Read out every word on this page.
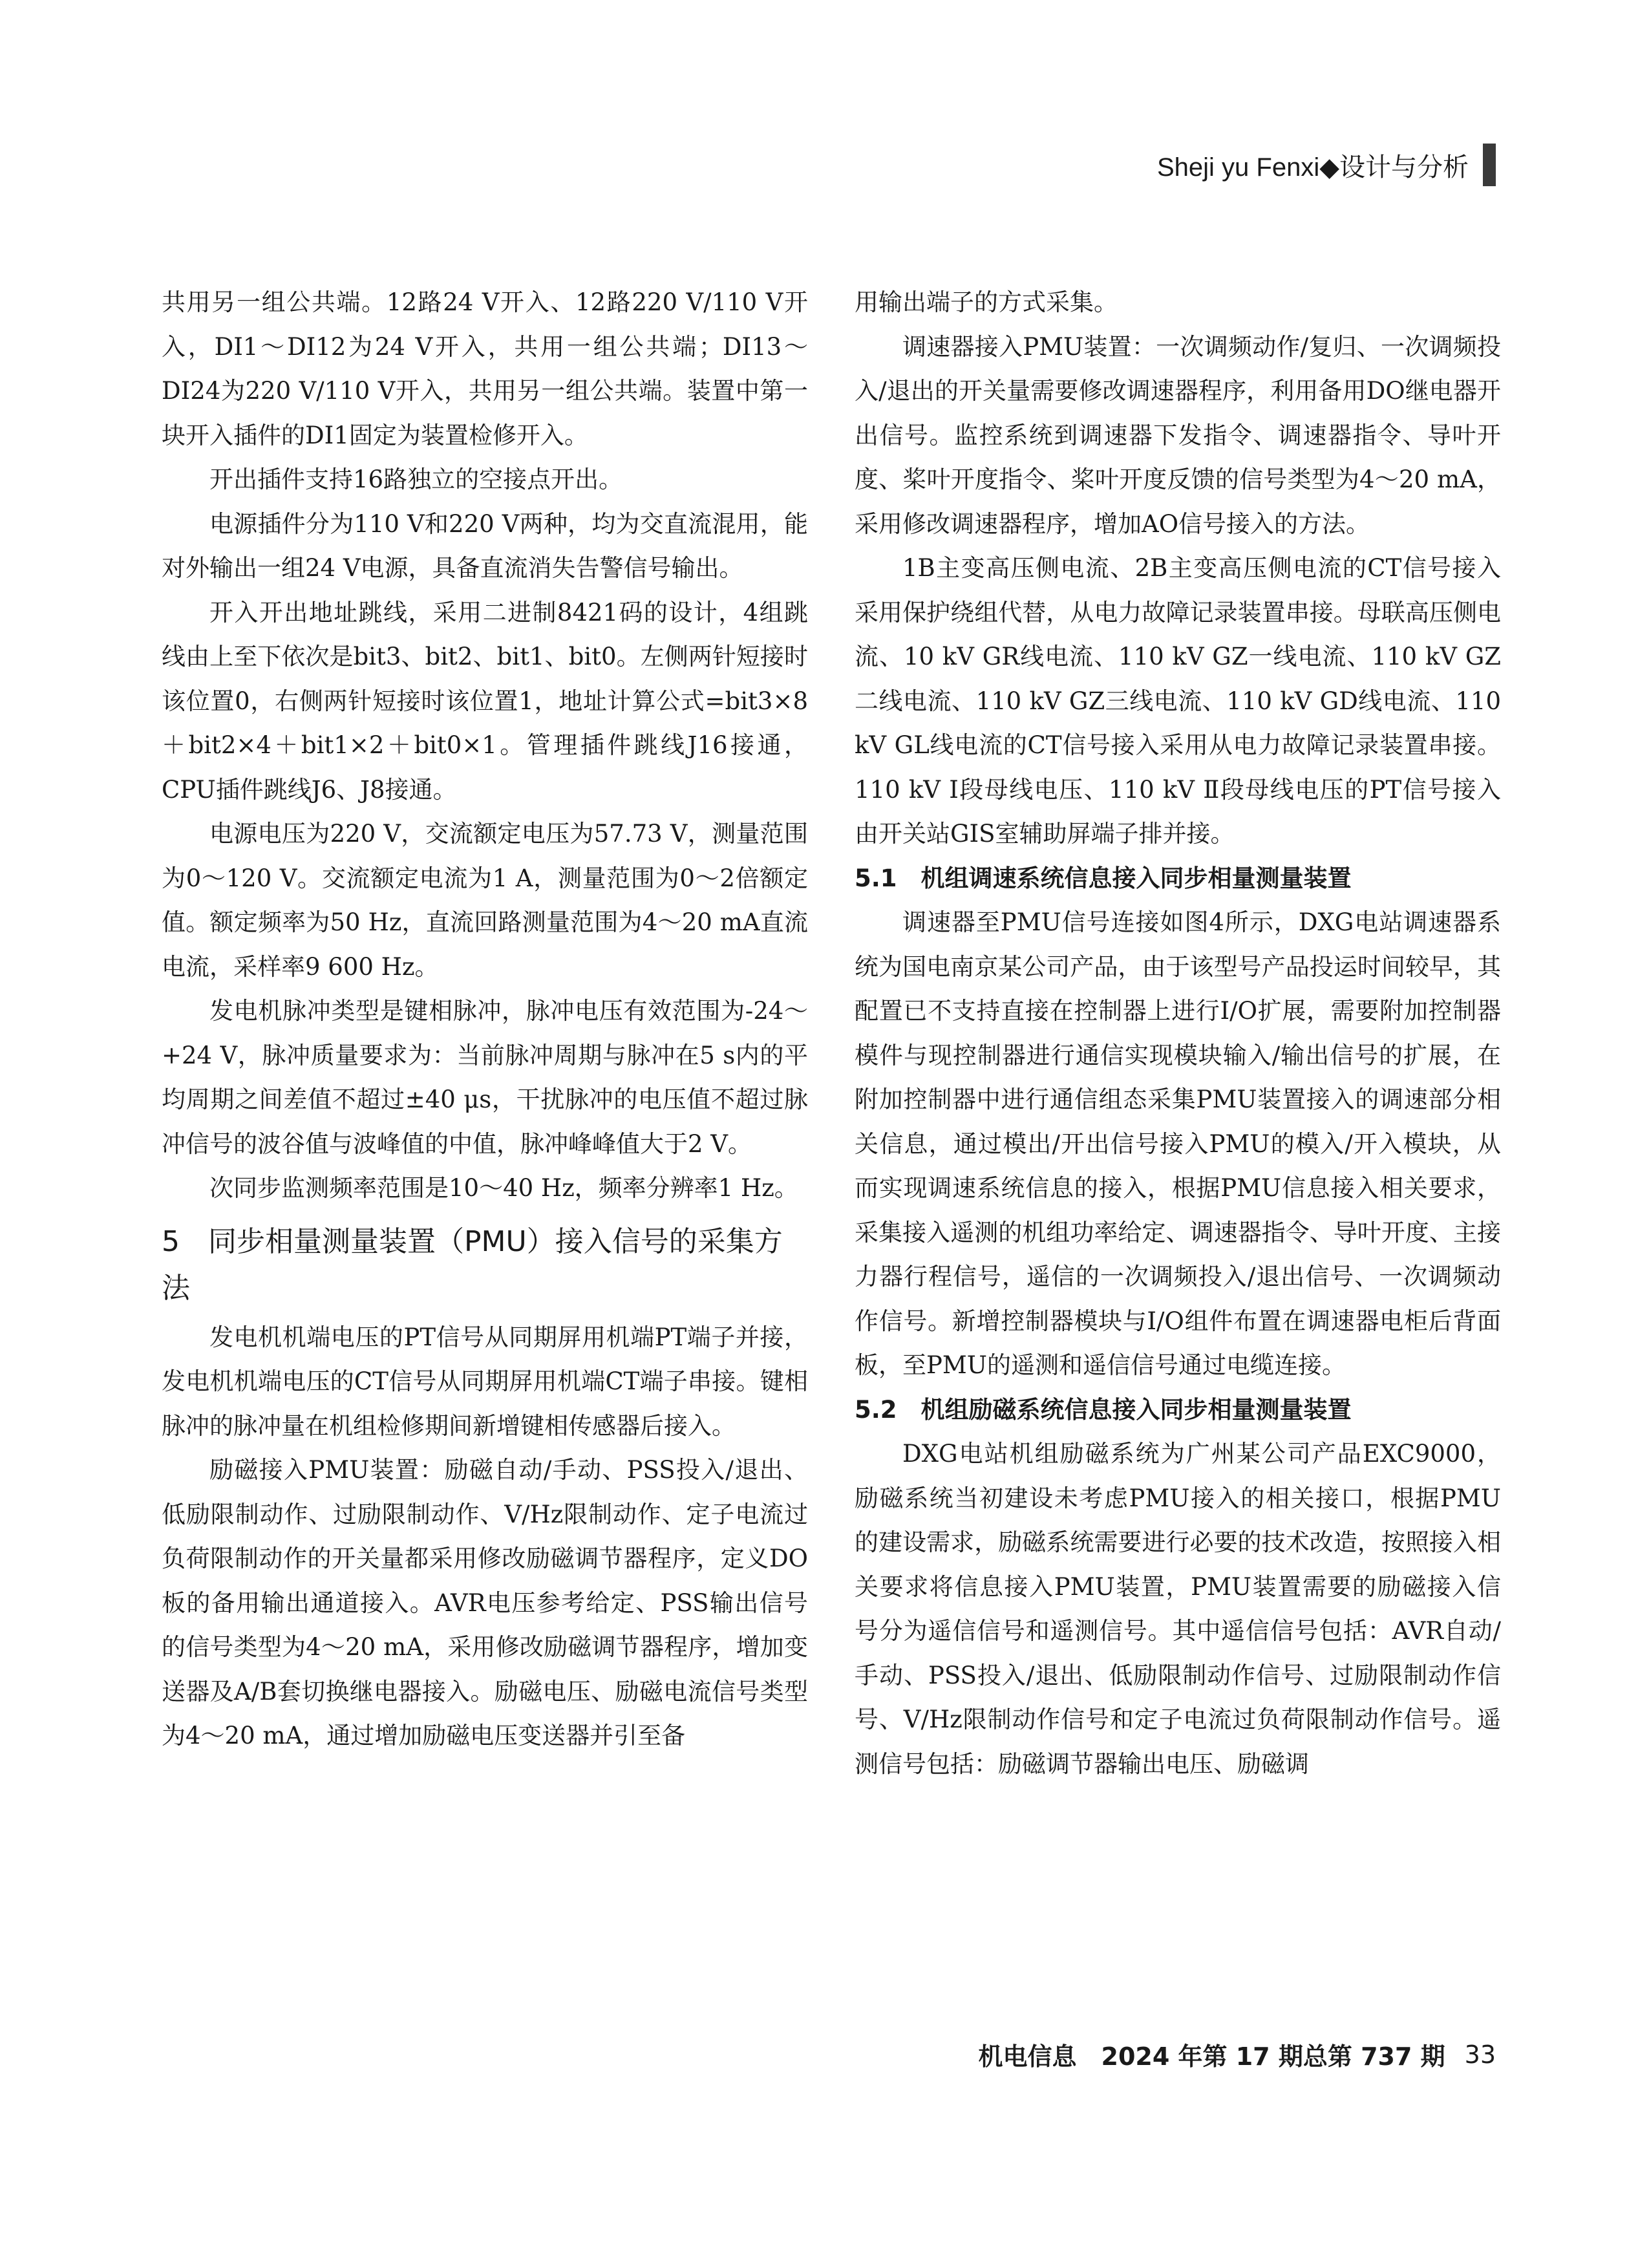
Sheji yu Fenxi◆设计与分析

共用另一组公共端。12路24 V开入、12路220 V/110 V开入，DI1～DI12为24 V开入，共用一组公共端；DI13～DI24为220 V/110 V开入，共用另一组公共端。装置中第一块开入插件的DI1固定为装置检修开入。

开出插件支持16路独立的空接点开出。

电源插件分为110 V和220 V两种，均为交直流混用，能对外输出一组24 V电源，具备直流消失告警信号输出。

开入开出地址跳线，采用二进制8421码的设计，4组跳线由上至下依次是bit3、bit2、bit1、bit0。左侧两针短接时该位置0，右侧两针短接时该位置1，地址计算公式=bit3×8＋bit2×4＋bit1×2＋bit0×1。管理插件跳线J16接通，CPU插件跳线J6、J8接通。

电源电压为220 V，交流额定电压为57.73 V，测量范围为0～120 V。交流额定电流为1 A，测量范围为0～2倍额定值。额定频率为50 Hz，直流回路测量范围为4～20 mA直流电流，采样率9 600 Hz。

发电机脉冲类型是键相脉冲，脉冲电压有效范围为-24～+24 V，脉冲质量要求为：当前脉冲周期与脉冲在5 s内的平均周期之间差值不超过±40 μs，干扰脉冲的电压值不超过脉冲信号的波谷值与波峰值的中值，脉冲峰峰值大于2 V。

次同步监测频率范围是10～40 Hz，频率分辨率1 Hz。

5　同步相量测量装置（PMU）接入信号的采集方法

发电机机端电压的PT信号从同期屏用机端PT端子并接，发电机机端电压的CT信号从同期屏用机端CT端子串接。键相脉冲的脉冲量在机组检修期间新增键相传感器后接入。

励磁接入PMU装置：励磁自动/手动、PSS投入/退出、低励限制动作、过励限制动作、V/Hz限制动作、定子电流过负荷限制动作的开关量都采用修改励磁调节器程序，定义DO板的备用输出通道接入。AVR电压参考给定、PSS输出信号的信号类型为4～20 mA，采用修改励磁调节器程序，增加变送器及A/B套切换继电器接入。励磁电压、励磁电流信号类型为4～20 mA，通过增加励磁电压变送器并引至备

用输出端子的方式采集。

调速器接入PMU装置：一次调频动作/复归、一次调频投入/退出的开关量需要修改调速器程序，利用备用DO继电器开出信号。监控系统到调速器下发指令、调速器指令、导叶开度、桨叶开度指令、桨叶开度反馈的信号类型为4～20 mA，采用修改调速器程序，增加AO信号接入的方法。

1B主变高压侧电流、2B主变高压侧电流的CT信号接入采用保护绕组代替，从电力故障记录装置串接。母联高压侧电流、10 kV GR线电流、110 kV GZ一线电流、110 kV GZ二线电流、110 kV GZ三线电流、110 kV GD线电流、110 kV GL线电流的CT信号接入采用从电力故障记录装置串接。110 kV Ⅰ段母线电压、110 kV Ⅱ段母线电压的PT信号接入由开关站GIS室辅助屏端子排并接。

5.1　机组调速系统信息接入同步相量测量装置

调速器至PMU信号连接如图4所示，DXG电站调速器系统为国电南京某公司产品，由于该型号产品投运时间较早，其配置已不支持直接在控制器上进行I/O扩展，需要附加控制器模件与现控制器进行通信实现模块输入/输出信号的扩展，在附加控制器中进行通信组态采集PMU装置接入的调速部分相关信息，通过模出/开出信号接入PMU的模入/开入模块，从而实现调速系统信息的接入，根据PMU信息接入相关要求，采集接入遥测的机组功率给定、调速器指令、导叶开度、主接力器行程信号，遥信的一次调频投入/退出信号、一次调频动作信号。新增控制器模块与I/O组件布置在调速器电柜后背面板，至PMU的遥测和遥信信号通过电缆连接。

5.2　机组励磁系统信息接入同步相量测量装置

DXG电站机组励磁系统为广州某公司产品EXC9000，励磁系统当初建设未考虑PMU接入的相关接口，根据PMU的建设需求，励磁系统需要进行必要的技术改造，按照接入相关要求将信息接入PMU装置，PMU装置需要的励磁接入信号分为遥信信号和遥测信号。其中遥信信号包括：AVR自动/手动、PSS投入/退出、低励限制动作信号、过励限制动作信号、V/Hz限制动作信号和定子电流过负荷限制动作信号。遥测信号包括：励磁调节器输出电压、励磁调

机电信息　2024 年第 17 期总第 737 期 33
